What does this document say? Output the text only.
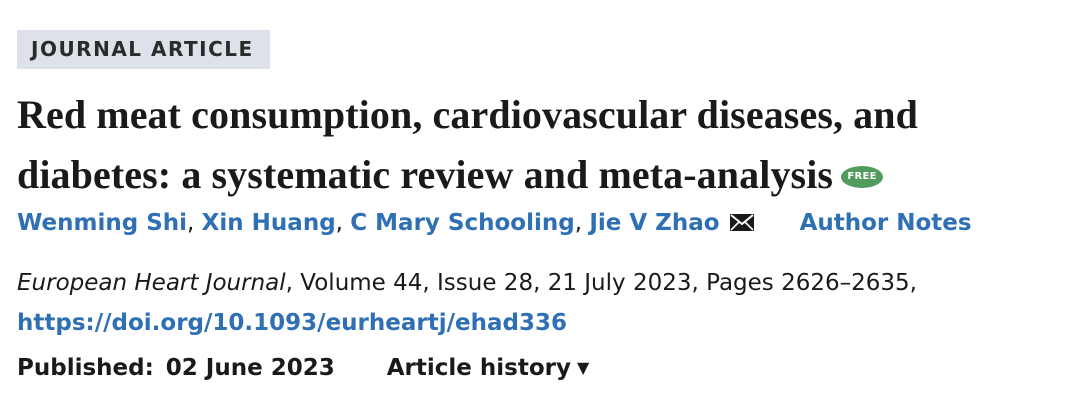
JOURNAL ARTICLE
Red meat consumption, cardiovascular diseases, and diabetes: a systematic review and meta-analysis FREE
Wenming Shi, Xin Huang, C Mary Schooling, Jie V Zhao	Author Notes
European Heart Journal, Volume 44, Issue 28, 21 July 2023, Pages 2626–2635,
https://doi.org/10.1093/eurheartj/ehad336
Published: 02 June 2023 Article history ▼
